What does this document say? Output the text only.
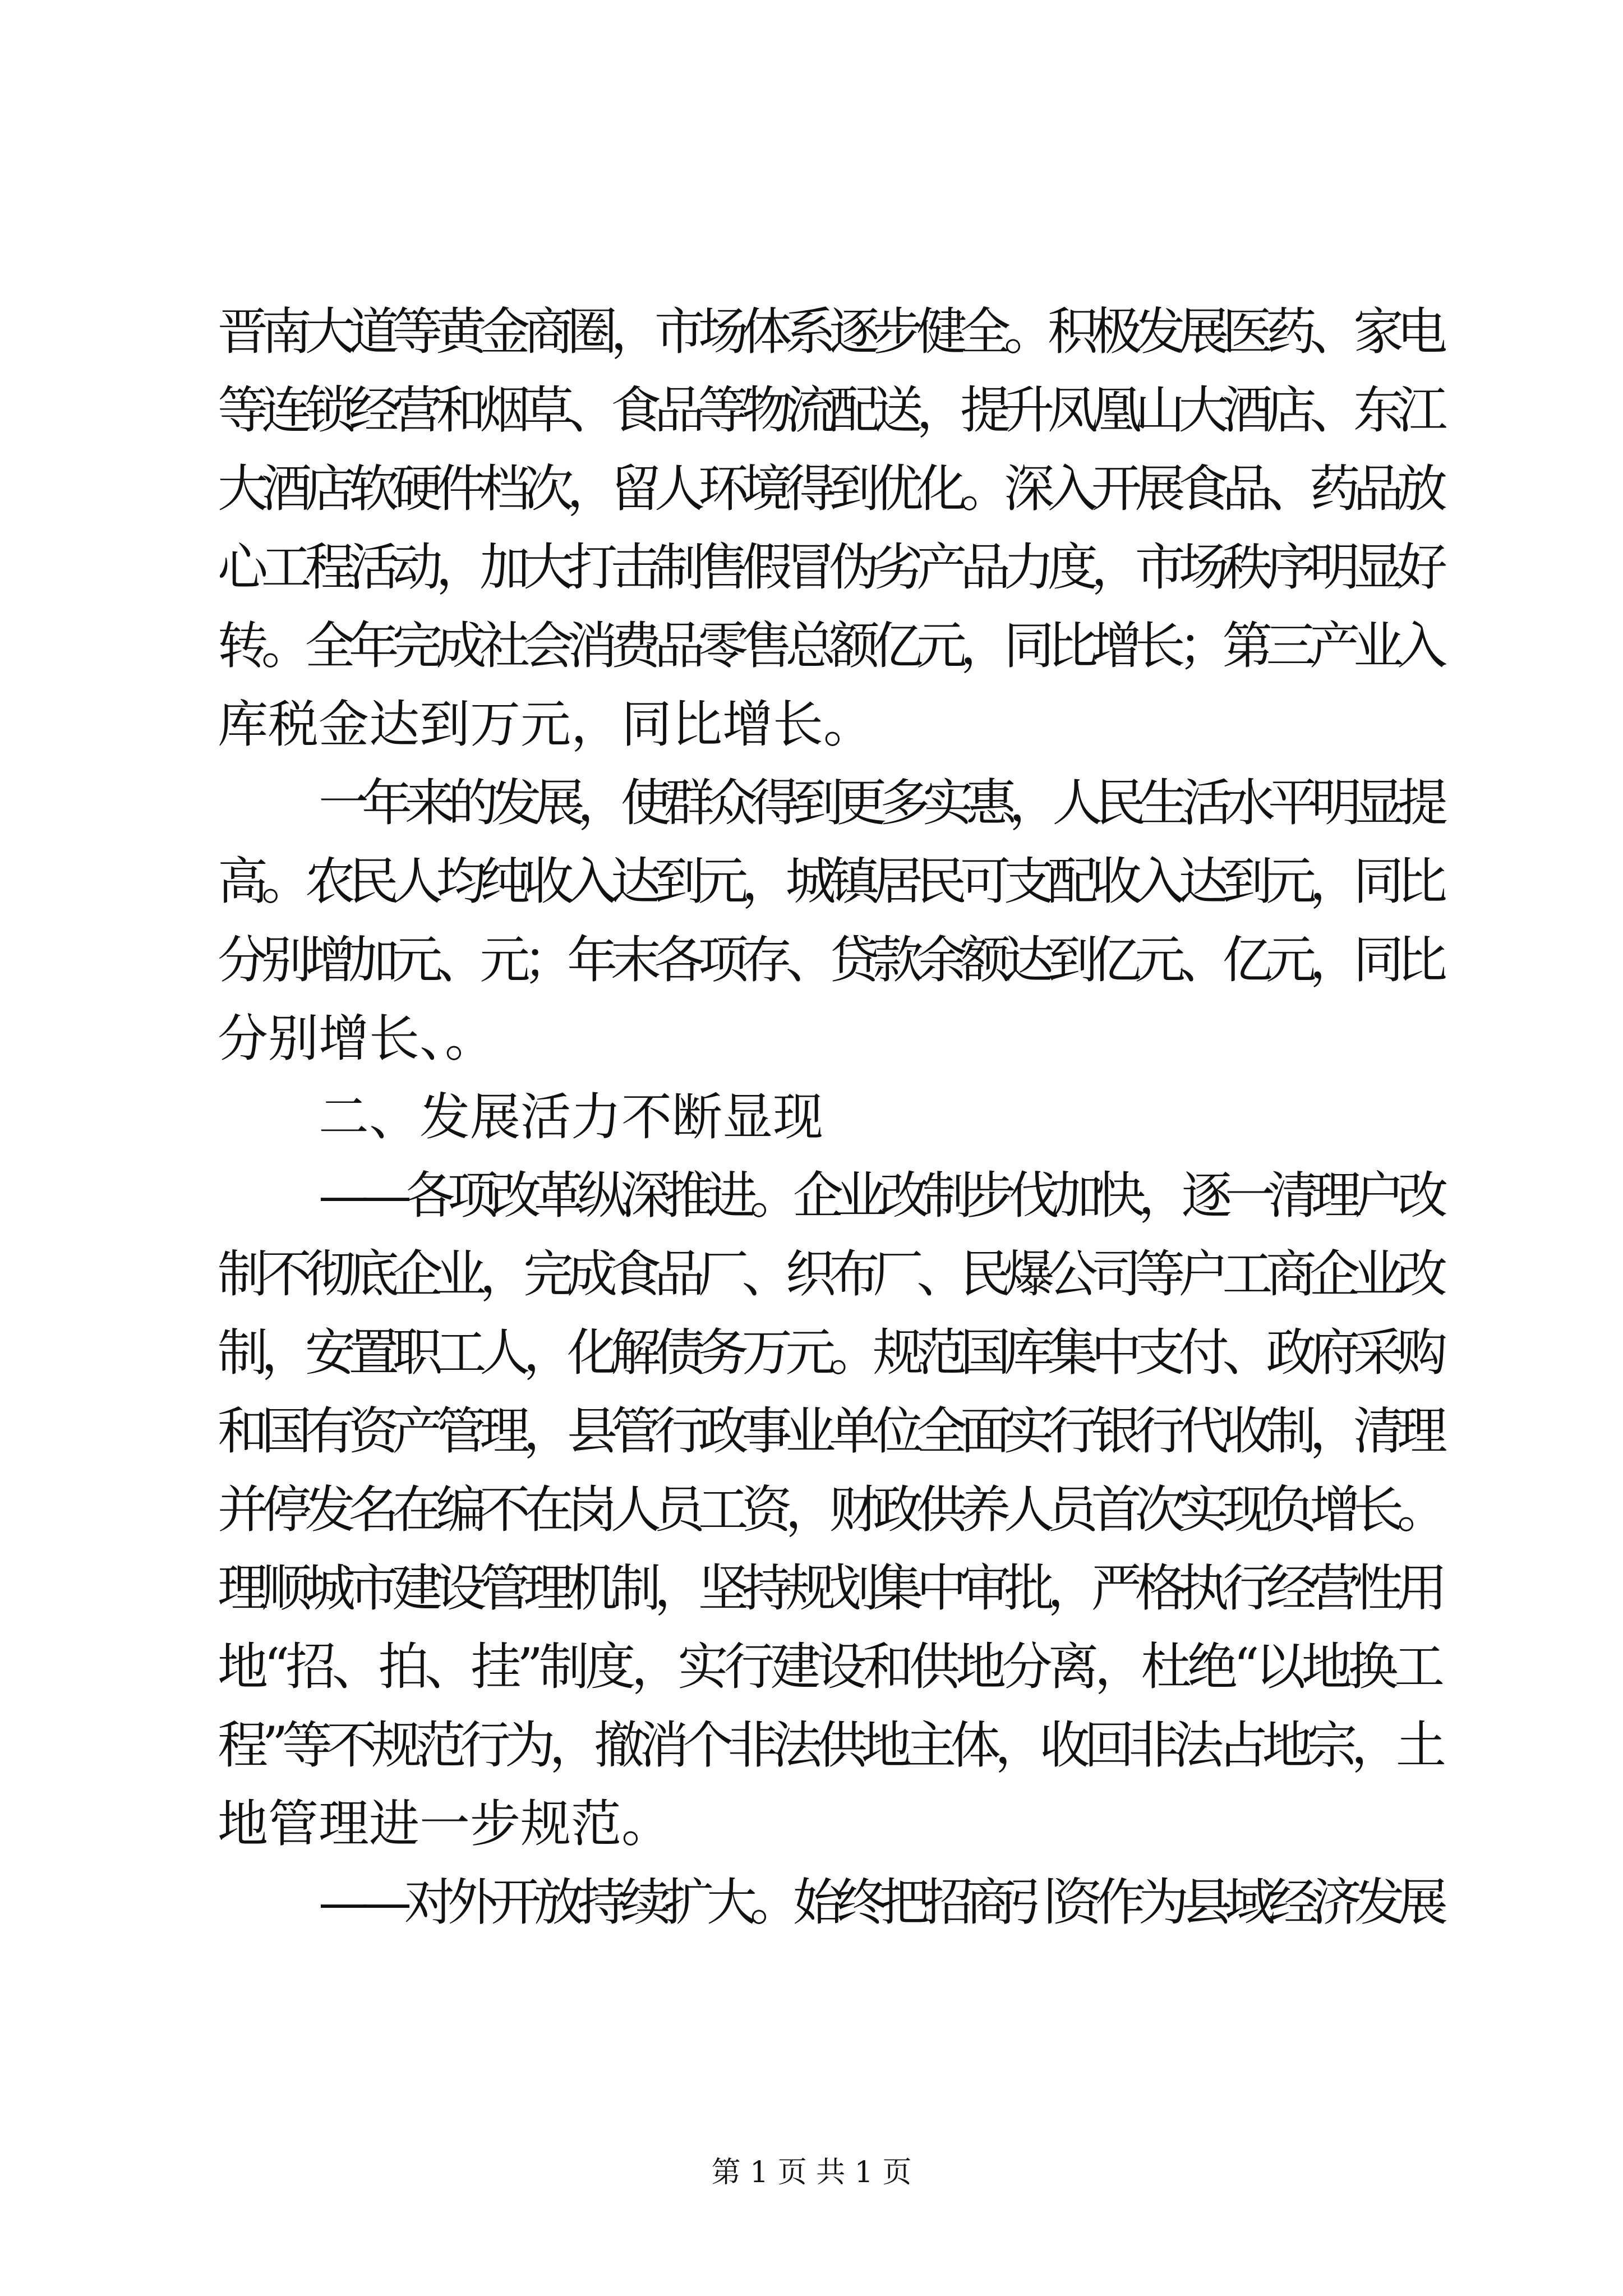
晋南大道等黄金商圈，市场体系逐步健全。积极发展医药、家电
等连锁经营和烟草、食品等物流配送，提升凤凰山大酒店、东江
大酒店软硬件档次，留人环境得到优化。深入开展食品、药品放
心工程活动，加大打击制售假冒伪劣产品力度，市场秩序明显好
转。全年完成社会消费品零售总额亿元，同比增长；第三产业入
库税金达到万元，同比增长。
一年来的发展，使群众得到更多实惠，人民生活水平明显提
高。农民人均纯收入达到元，城镇居民可支配收入达到元，同比
分别增加元、元；年末各项存、贷款余额达到亿元、亿元，同比
分别增长、。
二、发展活力不断显现
——各项改革纵深推进。企业改制步伐加快，逐一清理户改
制不彻底企业，完成食品厂、织布厂、民爆公司等户工商企业改
制，安置职工人，化解债务万元。规范国库集中支付、政府采购
和国有资产管理，县管行政事业单位全面实行银行代收制，清理
并停发名在编不在岗人员工资，财政供养人员首次实现负增长。
理顺城市建设管理机制，坚持规划集中审批，严格执行经营性用
地“招、拍、挂”制度，实行建设和供地分离，杜绝“以地换工
程”等不规范行为，撤消个非法供地主体，收回非法占地宗，土
地管理进一步规范。
——对外开放持续扩大。始终把招商引资作为县域经济发展
第 1 页 共 1 页
